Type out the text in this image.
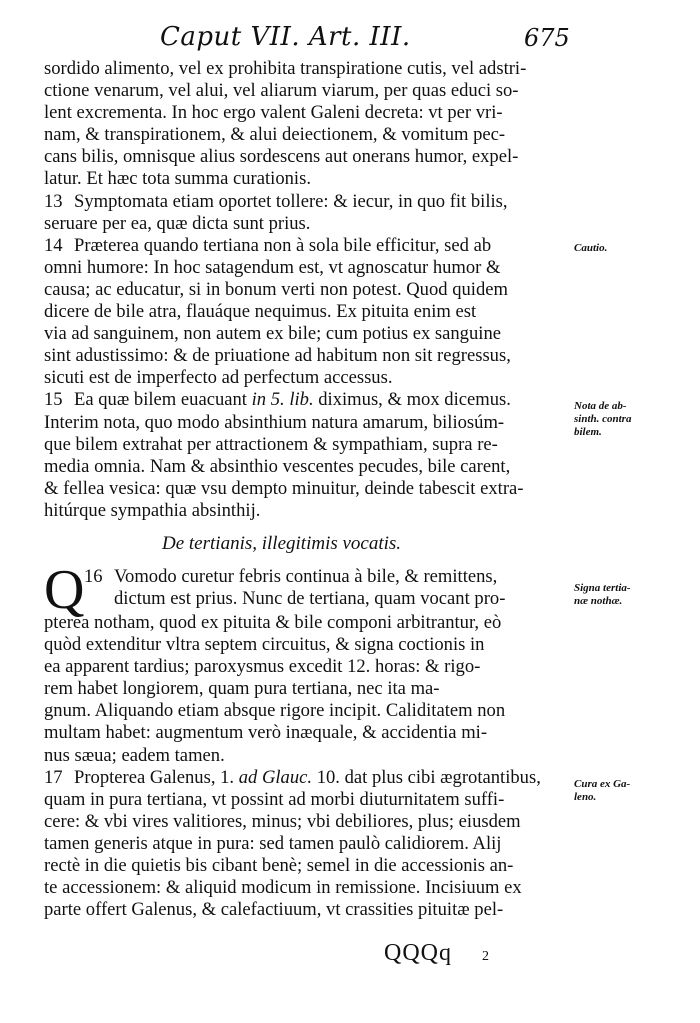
Caput VII. Art. III.	675
sordido alimento, vel ex prohibita transpiratione cutis, vel adstri-
ctione venarum, vel alui, vel aliarum viarum, per quas educi so-
lent excrementa. In hoc ergo valent Galeni decreta: vt per vri-
nam, & transpirationem, & alui deiectionem, & vomitum pec-
cans bilis, omnisque alius sordescens aut onerans humor, expel-
latur. Et hæc tota summa curationis.
13 Symptomata etiam oportet tollere: & iecur, in quo fit bilis,
seruare per ea, quæ dicta sunt prius.
14 Præterea quando tertiana non à sola bile efficitur, sed ab
omni humore: In hoc satagendum est, vt agnoscatur humor &
causa; ac educatur, si in bonum verti non potest. Quod quidem
dicere de bile atra, flauáque nequimus. Ex pituita enim est
via ad sanguinem, non autem ex bile; cum potius ex sanguine
sint adustissimo: & de priuatione ad habitum non sit regressus,
sicuti est de imperfecto ad perfectum accessus.
15 Ea quæ bilem euacuant in 5. lib. diximus, & mox dicemus.
Interim nota, quo modo absinthium natura amarum, biliosúm-
que bilem extrahat per attractionem & sympathiam, supra re-
media omnia. Nam & absinthio vescentes pecudes, bile carent,
& fellea vesica: quæ vsu dempto minuitur, deinde tabescit extra-
hitúrque sympathia absinthij.
De tertianis, illegitimis vocatis.
16
Q Vomodo curetur febris continua à bile, & remittens,
dictum est prius. Nunc de tertiana, quam vocant pro-
pterea notham, quod ex pituita & bile componi arbitrantur, eò
quòd extenditur vltra septem circuitus, & signa coctionis in
ea apparent tardius; paroxysmus excedit 12. horas: & rigo-
rem habet longiorem, quam pura tertiana, nec ita ma-
gnum. Aliquando etiam absque rigore incipit. Caliditatem non
multam habet: augmentum verò inæquale, & accidentia mi-
nus sæua; eadem tamen.
17 Propterea Galenus, 1. ad Glauc. 10. dat plus cibi ægrotantibus,
quam in pura tertiana, vt possint ad morbi diuturnitatem suffi-
cere: & vbi vires valitiores, minus; vbi debiliores, plus; eiusdem
tamen generis atque in pura: sed tamen paulò calidiorem. Alij
rectè in die quietis bis cibant benè; semel in die accessionis an-
te accessionem: & aliquid modicum in remissione. Incisiuum ex
parte offert Galenus, & calefactiuum, vt crassities pituitæ pel-
Cautio.
Nota de ab-
sinth. contra
bilem.
Signa tertia-
næ nothæ.
Cura ex Ga-
leno.
QQQq 2
